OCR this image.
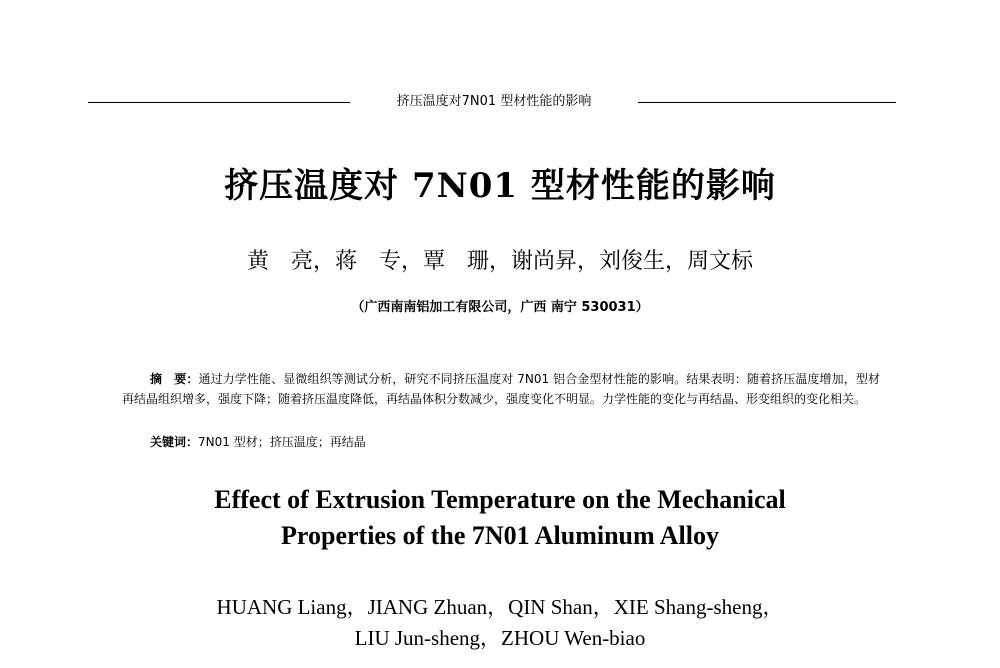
挤压温度对7N01 型材性能的影响
挤压温度对 7N01 型材性能的影响
黄　亮，蒋　专，覃　珊，谢尚昇，刘俊生，周文标
（广西南南铝加工有限公司，广西 南宁 530031）
摘　要：通过力学性能、显微组织等测试分析，研究不同挤压温度对 7N01 铝合金型材性能的影响。结果表明：随着挤压温度增加，型材再结晶组织增多，强度下降；随着挤压温度降低，再结晶体积分数减少，强度变化不明显。力学性能的变化与再结晶、形变组织的变化相关。
关键词：7N01 型材；挤压温度；再结晶
Effect of Extrusion Temperature on the Mechanical
Properties of the 7N01 Aluminum Alloy
HUANG Liang，JIANG Zhuan，QIN Shan，XIE Shang-sheng，
LIU Jun-sheng，ZHOU Wen-biao
